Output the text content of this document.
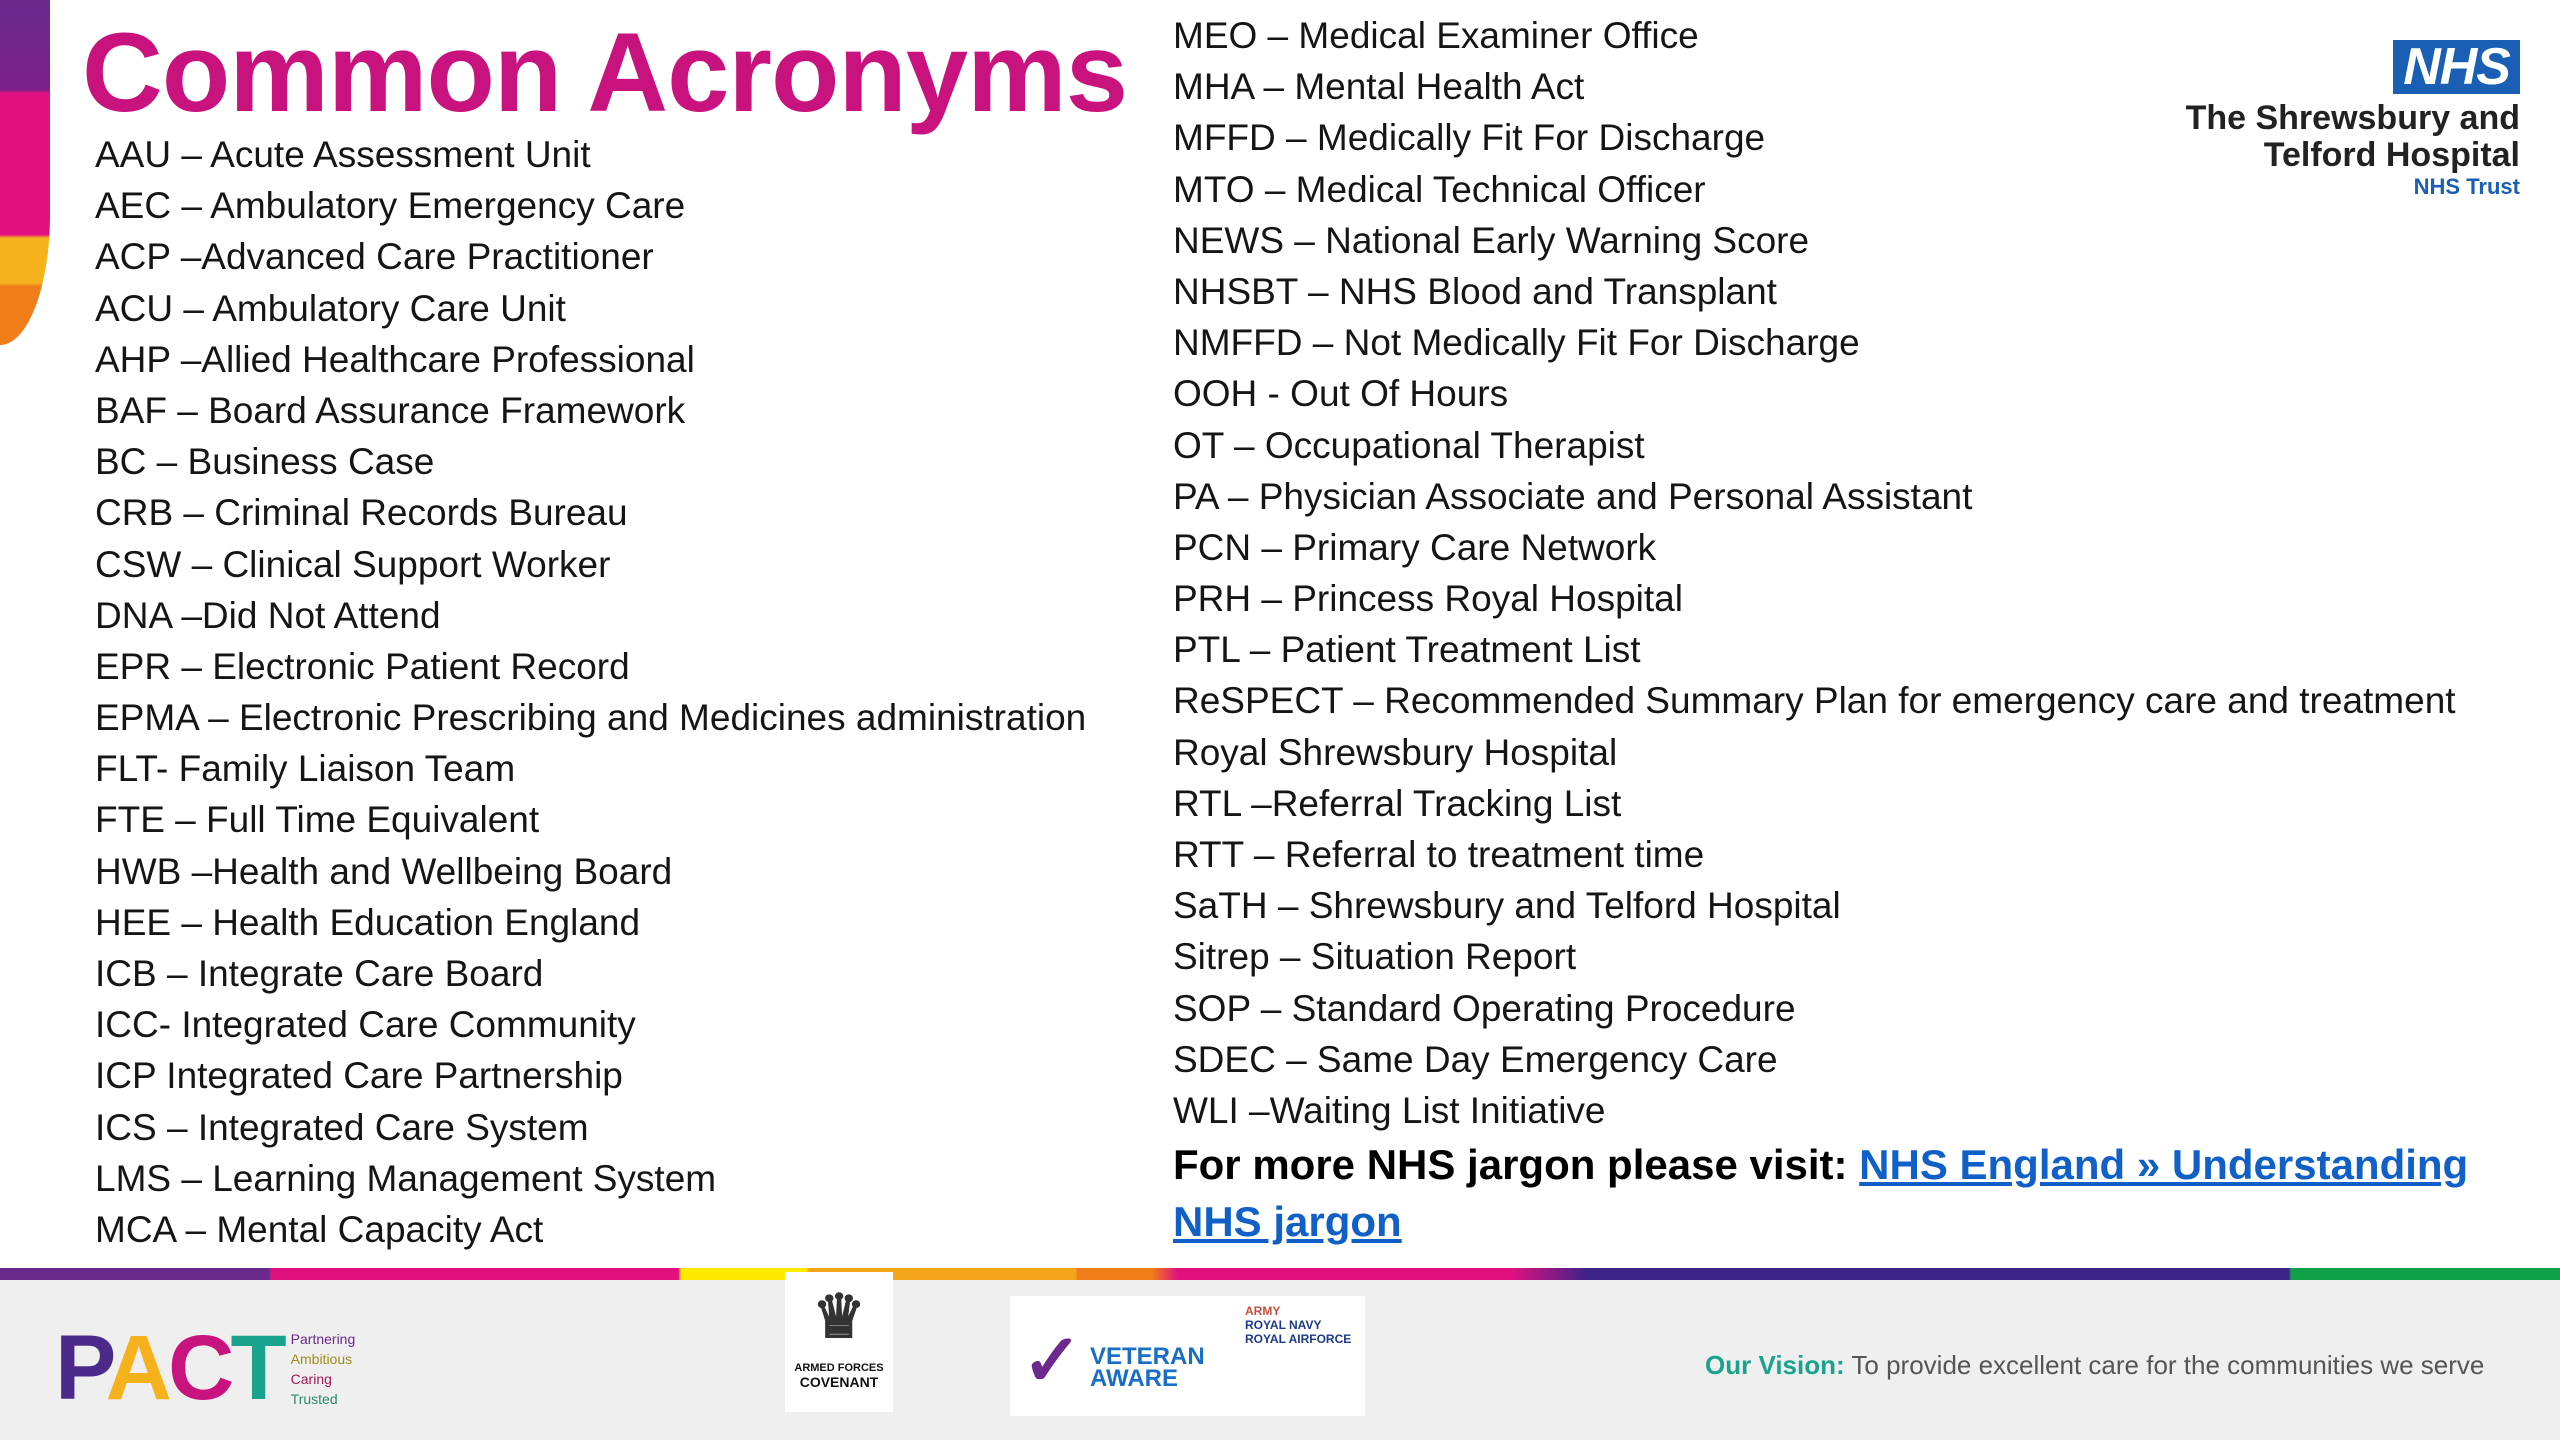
Common Acronyms
AAU – Acute Assessment Unit
AEC – Ambulatory Emergency Care
ACP –Advanced Care Practitioner
ACU – Ambulatory Care Unit
AHP –Allied Healthcare Professional
BAF – Board Assurance Framework
BC – Business Case
CRB – Criminal Records Bureau
CSW – Clinical Support Worker
DNA –Did Not Attend
EPR – Electronic Patient Record
EPMA – Electronic Prescribing and Medicines administration
FLT- Family Liaison Team
FTE – Full Time Equivalent
HWB –Health and Wellbeing Board
HEE – Health Education England
ICB – Integrate Care Board
ICC- Integrated Care Community
ICP Integrated Care Partnership
ICS – Integrated Care System
LMS – Learning Management System
MCA – Mental Capacity Act
MEO – Medical Examiner Office
MHA – Mental Health Act
MFFD – Medically Fit For Discharge
MTO – Medical Technical Officer
NEWS – National Early Warning Score
NHSBT – NHS Blood and Transplant
NMFFD – Not Medically Fit For Discharge
OOH - Out Of Hours
OT – Occupational Therapist
PA – Physician Associate and Personal Assistant
PCN – Primary Care Network
PRH – Princess Royal Hospital
PTL – Patient Treatment List
ReSPECT – Recommended Summary Plan for emergency care and treatment
Royal Shrewsbury Hospital
RTL –Referral Tracking List
RTT – Referral to treatment time
SaTH – Shrewsbury and Telford Hospital
Sitrep – Situation Report
SOP – Standard Operating Procedure
SDEC – Same Day Emergency Care
WLI –Waiting List Initiative
For more NHS jargon please visit: NHS England » Understanding NHS jargon
NHS
The Shrewsbury and
Telford Hospital
NHS Trust
PACT Partnering
Ambitious
Caring
Trusted
♛
ARMED FORCES
COVENANT ✓ VETERAN
AWARE
ARMY
ROYAL NAVY
ROYAL AIRFORCE
Our Vision: To provide excellent care for the communities we serve
